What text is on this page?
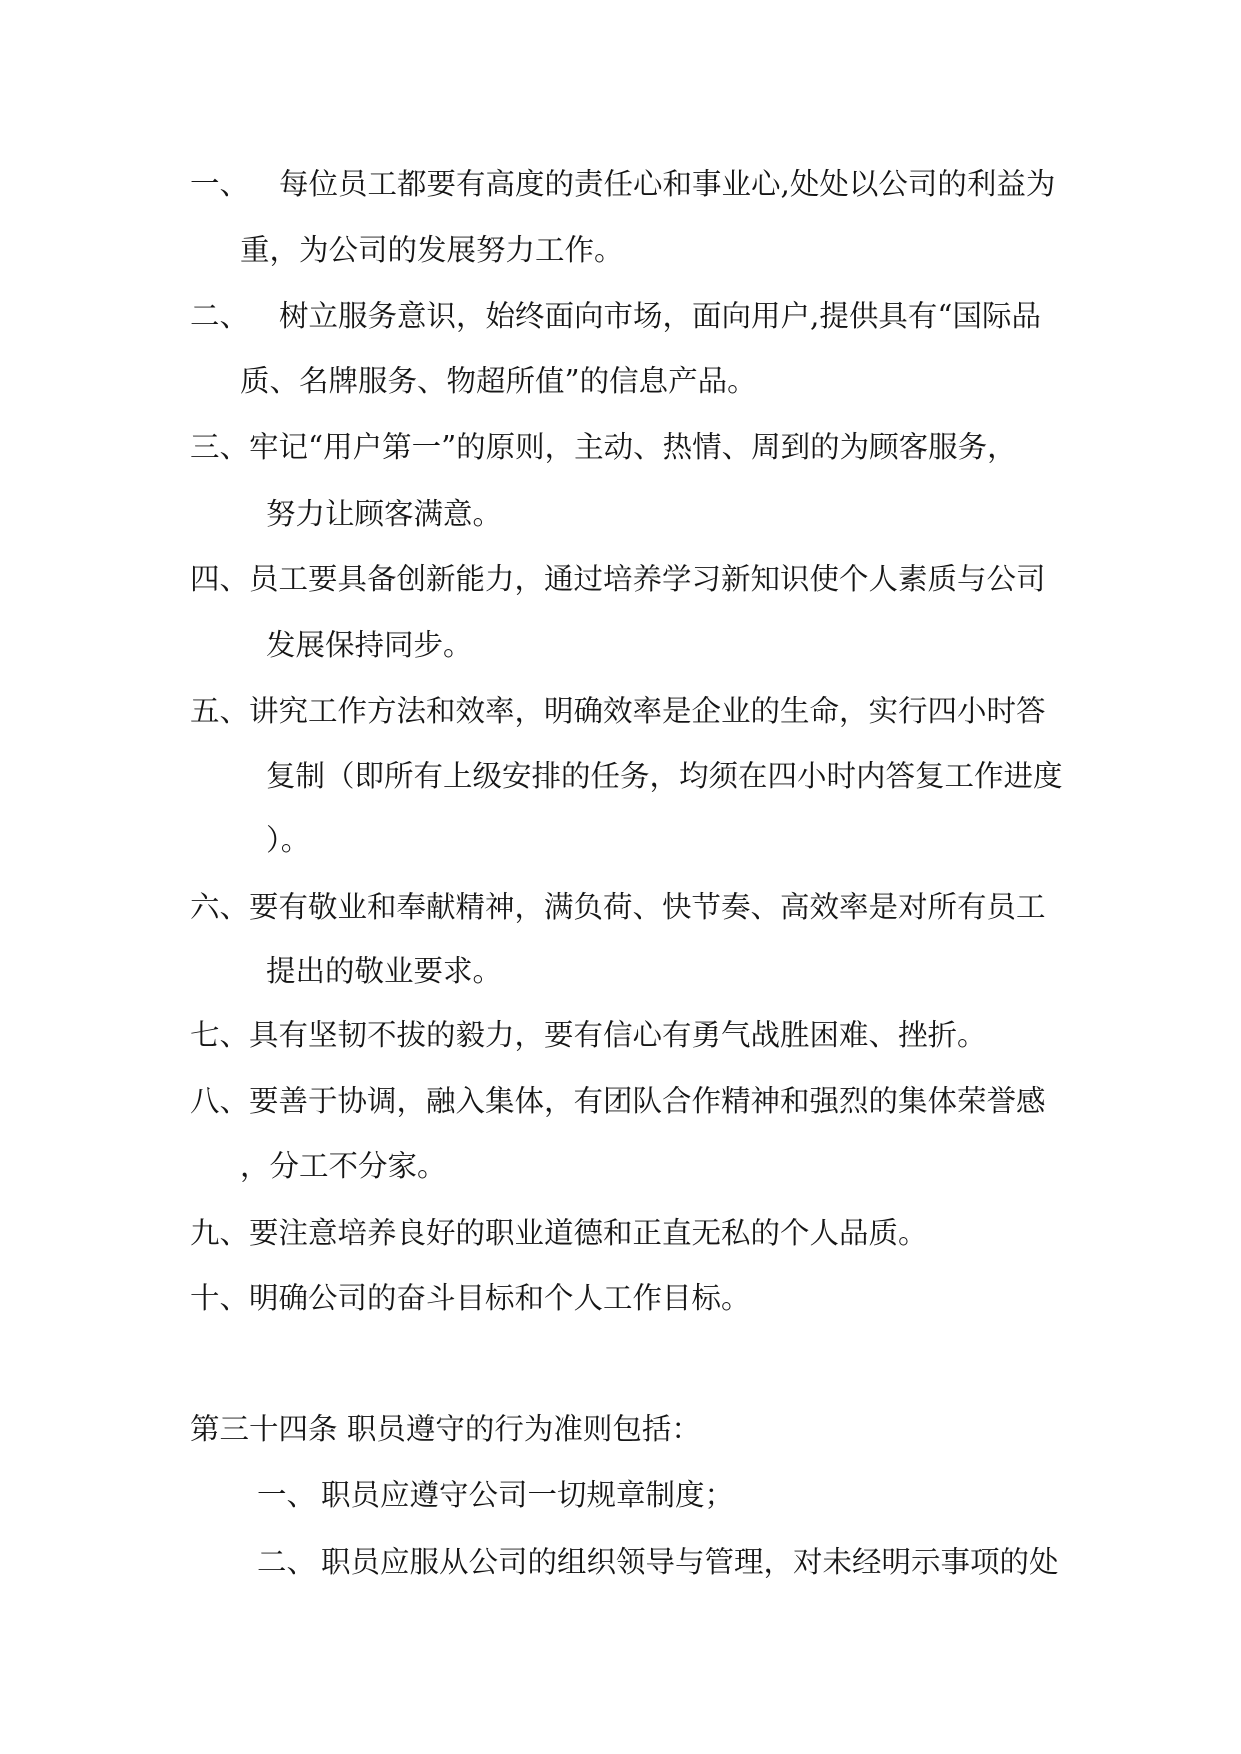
一、 每位员工都要有高度的责任心和事业心,处处以公司的利益为
重，为公司的发展努力工作。
二、 树立服务意识，始终面向市场，面向用户,提供具有“国际品
质、名牌服务、物超所值”的信息产品。
三、牢记“用户第一”的原则，主动、热情、周到的为顾客服务，
努力让顾客满意。
四、员工要具备创新能力，通过培养学习新知识使个人素质与公司
发展保持同步。
五、讲究工作方法和效率，明确效率是企业的生命，实行四小时答
复制（即所有上级安排的任务，均须在四小时内答复工作进度
）。
六、要有敬业和奉献精神，满负荷、快节奏、高效率是对所有员工
提出的敬业要求。
七、具有坚韧不拔的毅力，要有信心有勇气战胜困难、挫折。
八、要善于协调，融入集体，有团队合作精神和强烈的集体荣誉感
，分工不分家。
九、要注意培养良好的职业道德和正直无私的个人品质。
十、明确公司的奋斗目标和个人工作目标。
第三十四条 职员遵守的行为准则包括：
一、 职员应遵守公司一切规章制度；
二、 职员应服从公司的组织领导与管理，对未经明示事项的处
